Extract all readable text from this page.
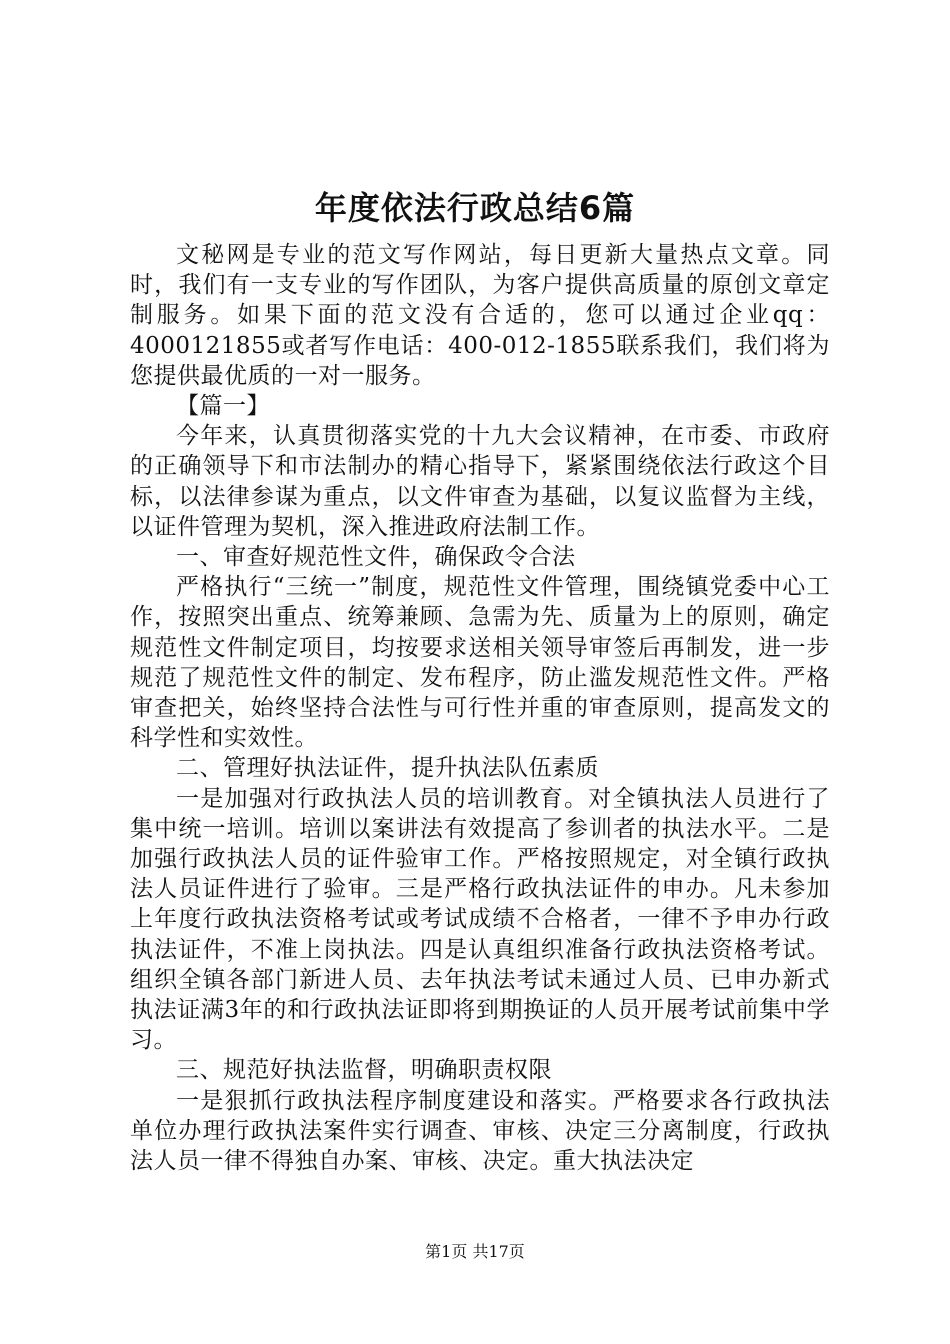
年度依法行政总结6篇

文秘网是专业的范文写作网站，每日更新大量热点文章。同时，我们有一支专业的写作团队，为客户提供高质量的原创文章定制服务。如果下面的范文没有合适的，您可以通过企业qq：4000121855或者写作电话：400-012-1855联系我们，我们将为您提供最优质的一对一服务。

【篇一】

今年来，认真贯彻落实党的十九大会议精神，在市委、市政府的正确领导下和市法制办的精心指导下，紧紧围绕依法行政这个目标，以法律参谋为重点，以文件审查为基础，以复议监督为主线，以证件管理为契机，深入推进政府法制工作。

一、审查好规范性文件，确保政令合法

严格执行“三统一”制度，规范性文件管理，围绕镇党委中心工作，按照突出重点、统筹兼顾、急需为先、质量为上的原则，确定规范性文件制定项目，均按要求送相关领导审签后再制发，进一步规范了规范性文件的制定、发布程序，防止滥发规范性文件。严格审查把关，始终坚持合法性与可行性并重的审查原则，提高发文的科学性和实效性。

二、管理好执法证件，提升执法队伍素质

一是加强对行政执法人员的培训教育。对全镇执法人员进行了集中统一培训。培训以案讲法有效提高了参训者的执法水平。二是加强行政执法人员的证件验审工作。严格按照规定，对全镇行政执法人员证件进行了验审。三是严格行政执法证件的申办。凡未参加上年度行政执法资格考试或考试成绩不合格者，一律不予申办行政执法证件，不准上岗执法。四是认真组织准备行政执法资格考试。组织全镇各部门新进人员、去年执法考试未通过人员、已申办新式执法证满3年的和行政执法证即将到期换证的人员开展考试前集中学习。

三、规范好执法监督，明确职责权限

一是狠抓行政执法程序制度建设和落实。严格要求各行政执法单位办理行政执法案件实行调查、审核、决定三分离制度，行政执法人员一律不得独自办案、审核、决定。重大执法决定

第1页 共17页
